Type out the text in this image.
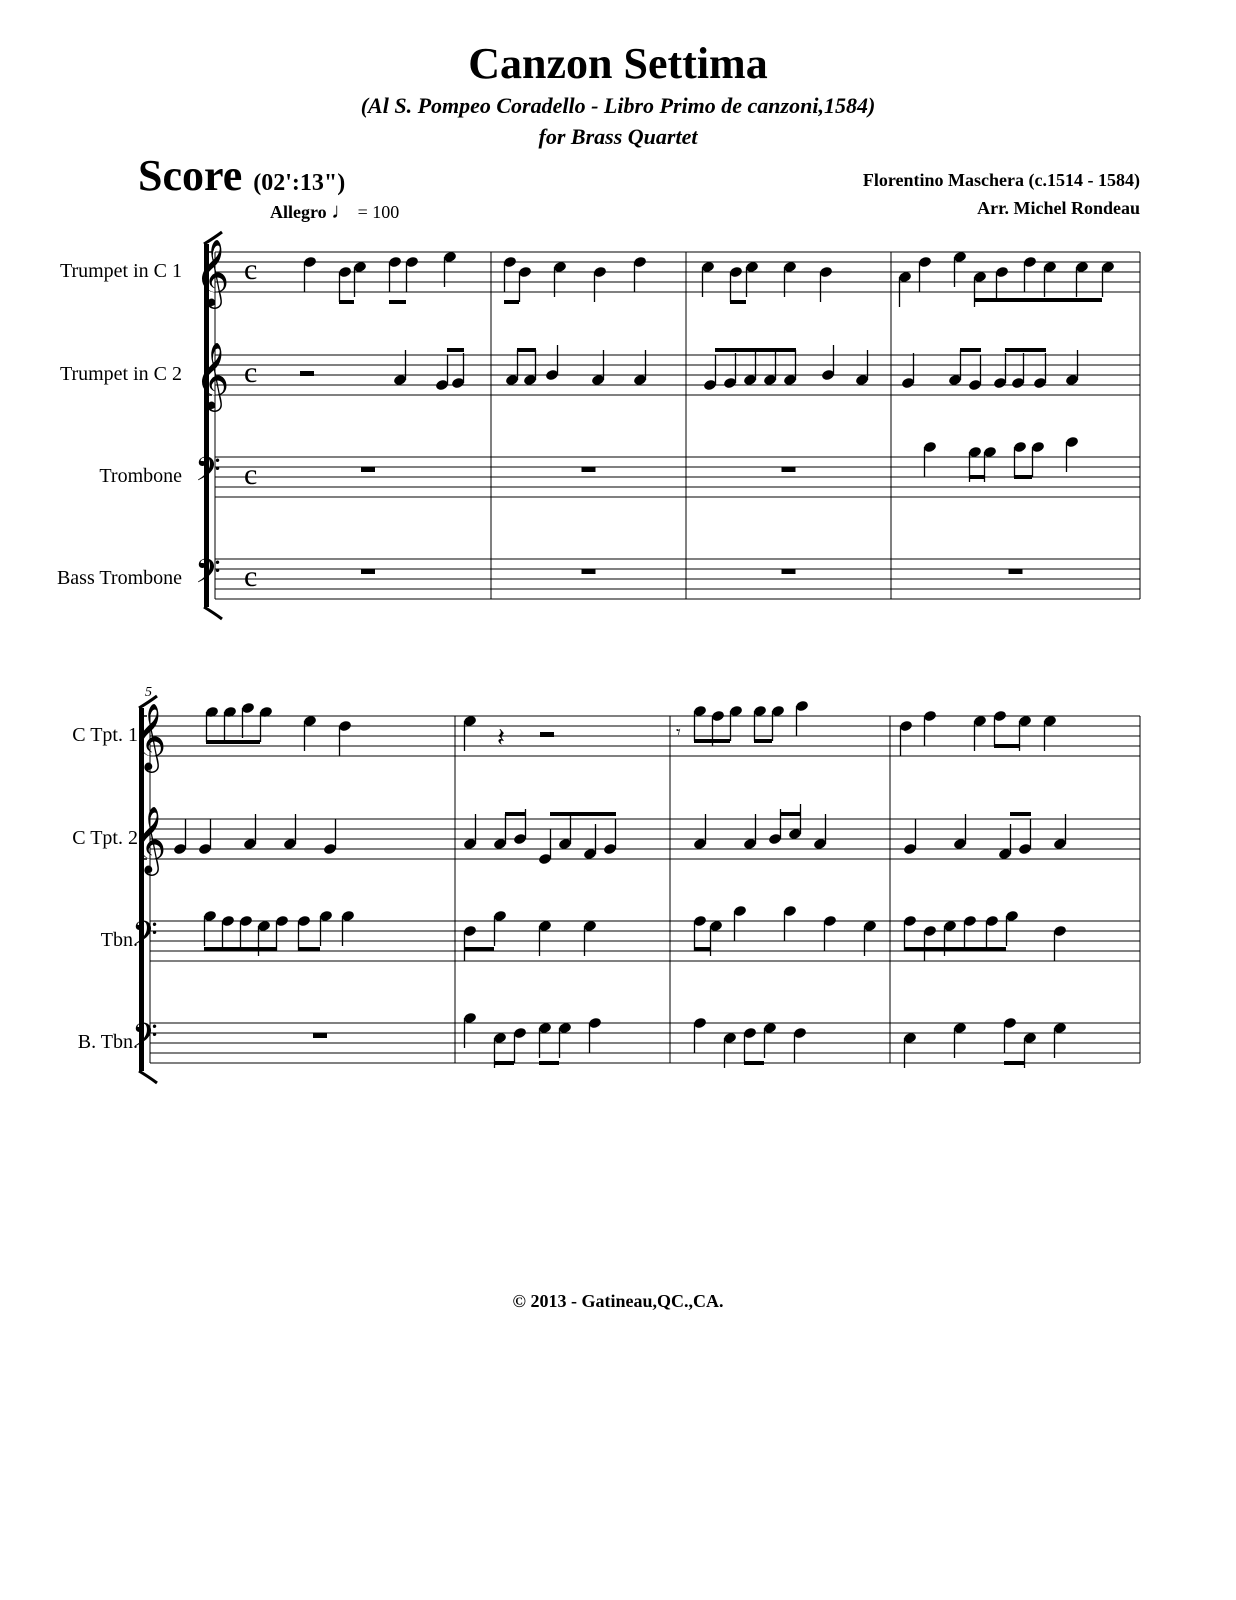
Canzon Settima
(Al S. Pompeo Coradello - Libro Primo de canzoni,1584)
for Brass Quartet
Score (02':13")	Florentino Maschera (c.1514 - 1584)
Arr. Michel Rondeau
Allegro ♩ = 100
Trumpet in C 1
Trumpet in C 2
Trombone
Bass Trombone
C Tpt. 1
C Tpt. 2
Tbn.
B. Tbn.
© 2013 - Gatineau,QC.,CA.
5
𝄞
𝄞
𝄢
𝄢
𝄞
𝄞
𝄢
𝄢
c
c
c
c
𝄽	𝄾
